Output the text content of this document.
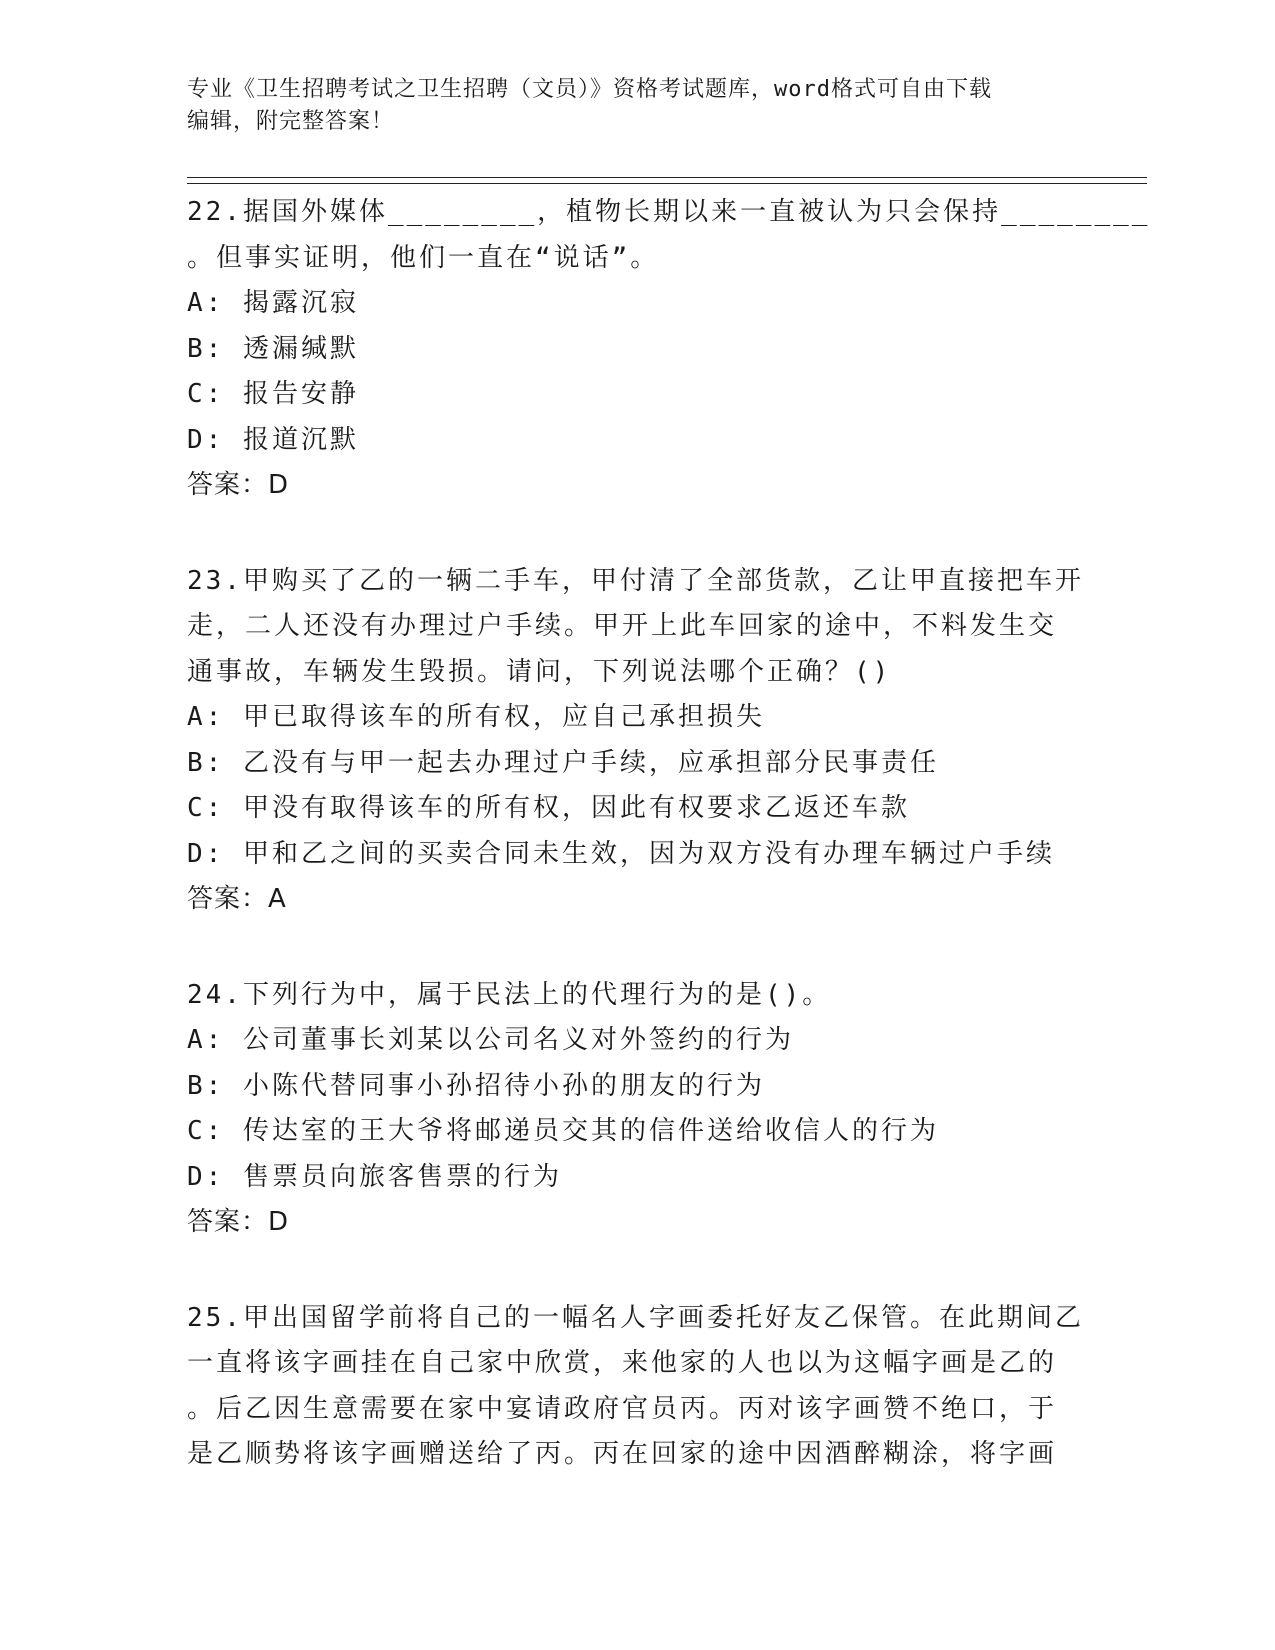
专业《卫生招聘考试之卫生招聘（文员）》资格考试题库，word格式可自由下载
编辑，附完整答案！
22.据国外媒体________，植物长期以来一直被认为只会保持________
。但事实证明，他们一直在“说话”。
A: 揭露沉寂
B: 透漏缄默
C: 报告安静
D: 报道沉默
答案：D
23.甲购买了乙的一辆二手车，甲付清了全部货款，乙让甲直接把车开
走，二人还没有办理过户手续。甲开上此车回家的途中，不料发生交
通事故，车辆发生毁损。请问，下列说法哪个正确？()
A: 甲已取得该车的所有权，应自己承担损失
B: 乙没有与甲一起去办理过户手续，应承担部分民事责任
C: 甲没有取得该车的所有权，因此有权要求乙返还车款
D: 甲和乙之间的买卖合同未生效，因为双方没有办理车辆过户手续
答案：A
24.下列行为中，属于民法上的代理行为的是()。
A: 公司董事长刘某以公司名义对外签约的行为
B: 小陈代替同事小孙招待小孙的朋友的行为
C: 传达室的王大爷将邮递员交其的信件送给收信人的行为
D: 售票员向旅客售票的行为
答案：D
25.甲出国留学前将自己的一幅名人字画委托好友乙保管。在此期间乙
一直将该字画挂在自己家中欣赏，来他家的人也以为这幅字画是乙的
。后乙因生意需要在家中宴请政府官员丙。丙对该字画赞不绝口，于
是乙顺势将该字画赠送给了丙。丙在回家的途中因酒醉糊涂，将字画
